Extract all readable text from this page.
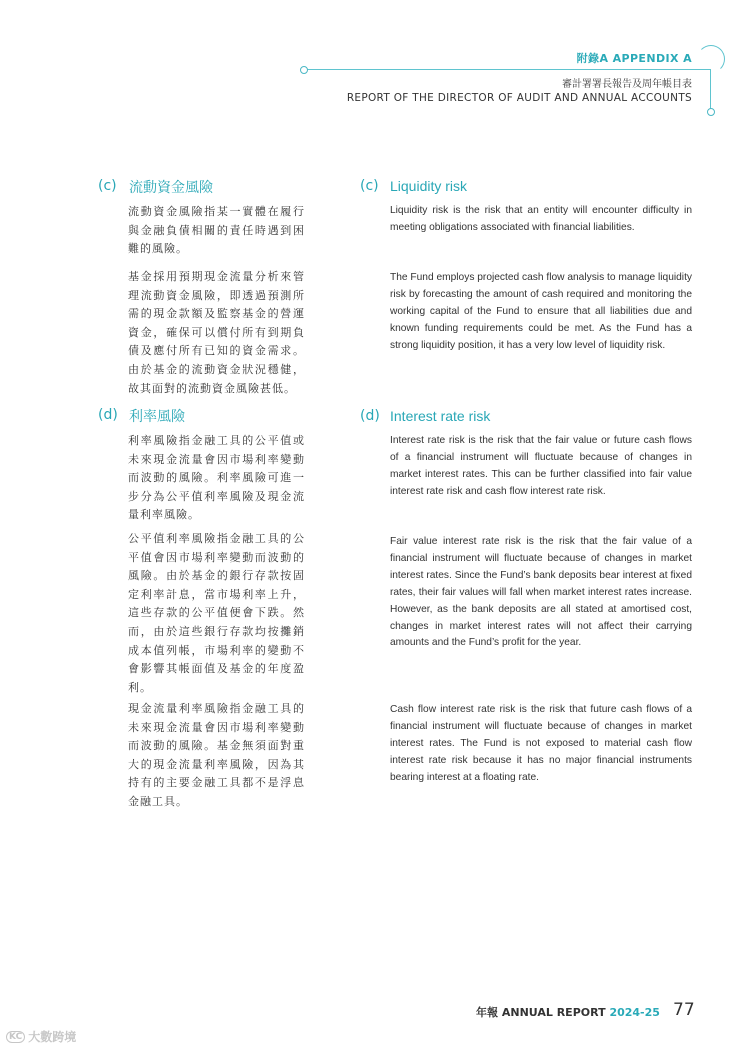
附錄A APPENDIX A
審計署署長報告及周年帳目表
REPORT OF THE DIRECTOR OF AUDIT AND ANNUAL ACCOUNTS
(c) 流動資金風險	(c) Liquidity risk
流動資金風險指某一實體在履行與金融負債相關的責任時遇到困難的風險。
基金採用預期現金流量分析來管理流動資金風險，即透過預測所需的現金款額及監察基金的營運資金，確保可以償付所有到期負債及應付所有已知的資金需求。由於基金的流動資金狀況穩健，故其面對的流動資金風險甚低。
Liquidity risk is the risk that an entity will encounter difficulty in meeting obligations associated with financial liabilities.
The Fund employs projected cash flow analysis to manage liquidity risk by forecasting the amount of cash required and monitoring the working capital of the Fund to ensure that all liabilities due and known funding requirements could be met. As the Fund has a strong liquidity position, it has a very low level of liquidity risk.
(d) 利率風險	(d) Interest rate risk
利率風險指金融工具的公平值或未來現金流量會因市場利率變動而波動的風險。利率風險可進一步分為公平值利率風險及現金流量利率風險。
公平值利率風險指金融工具的公平值會因市場利率變動而波動的風險。由於基金的銀行存款按固定利率計息，當市場利率上升，這些存款的公平值便會下跌。然而，由於這些銀行存款均按攤銷成本值列帳，市場利率的變動不會影響其帳面值及基金的年度盈利。
現金流量利率風險指金融工具的未來現金流量會因市場利率變動而波動的風險。基金無須面對重大的現金流量利率風險，因為其持有的主要金融工具都不是浮息金融工具。
Interest rate risk is the risk that the fair value or future cash flows of a financial instrument will fluctuate because of changes in market interest rates. This can be further classified into fair value interest rate risk and cash flow interest rate risk.
Fair value interest rate risk is the risk that the fair value of a financial instrument will fluctuate because of changes in market interest rates. Since the Fund’s bank deposits bear interest at fixed rates, their fair values will fall when market interest rates increase. However, as the bank deposits are all stated at amortised cost, changes in market interest rates will not affect their carrying amounts and the Fund’s profit for the year.
Cash flow interest rate risk is the risk that future cash flows of a financial instrument will fluctuate because of changes in market interest rates. The Fund is not exposed to material cash flow interest rate risk because it has no major financial instruments bearing interest at a floating rate.
年報 ANNUAL REPORT 2024-25 77
KC 大數跨境
